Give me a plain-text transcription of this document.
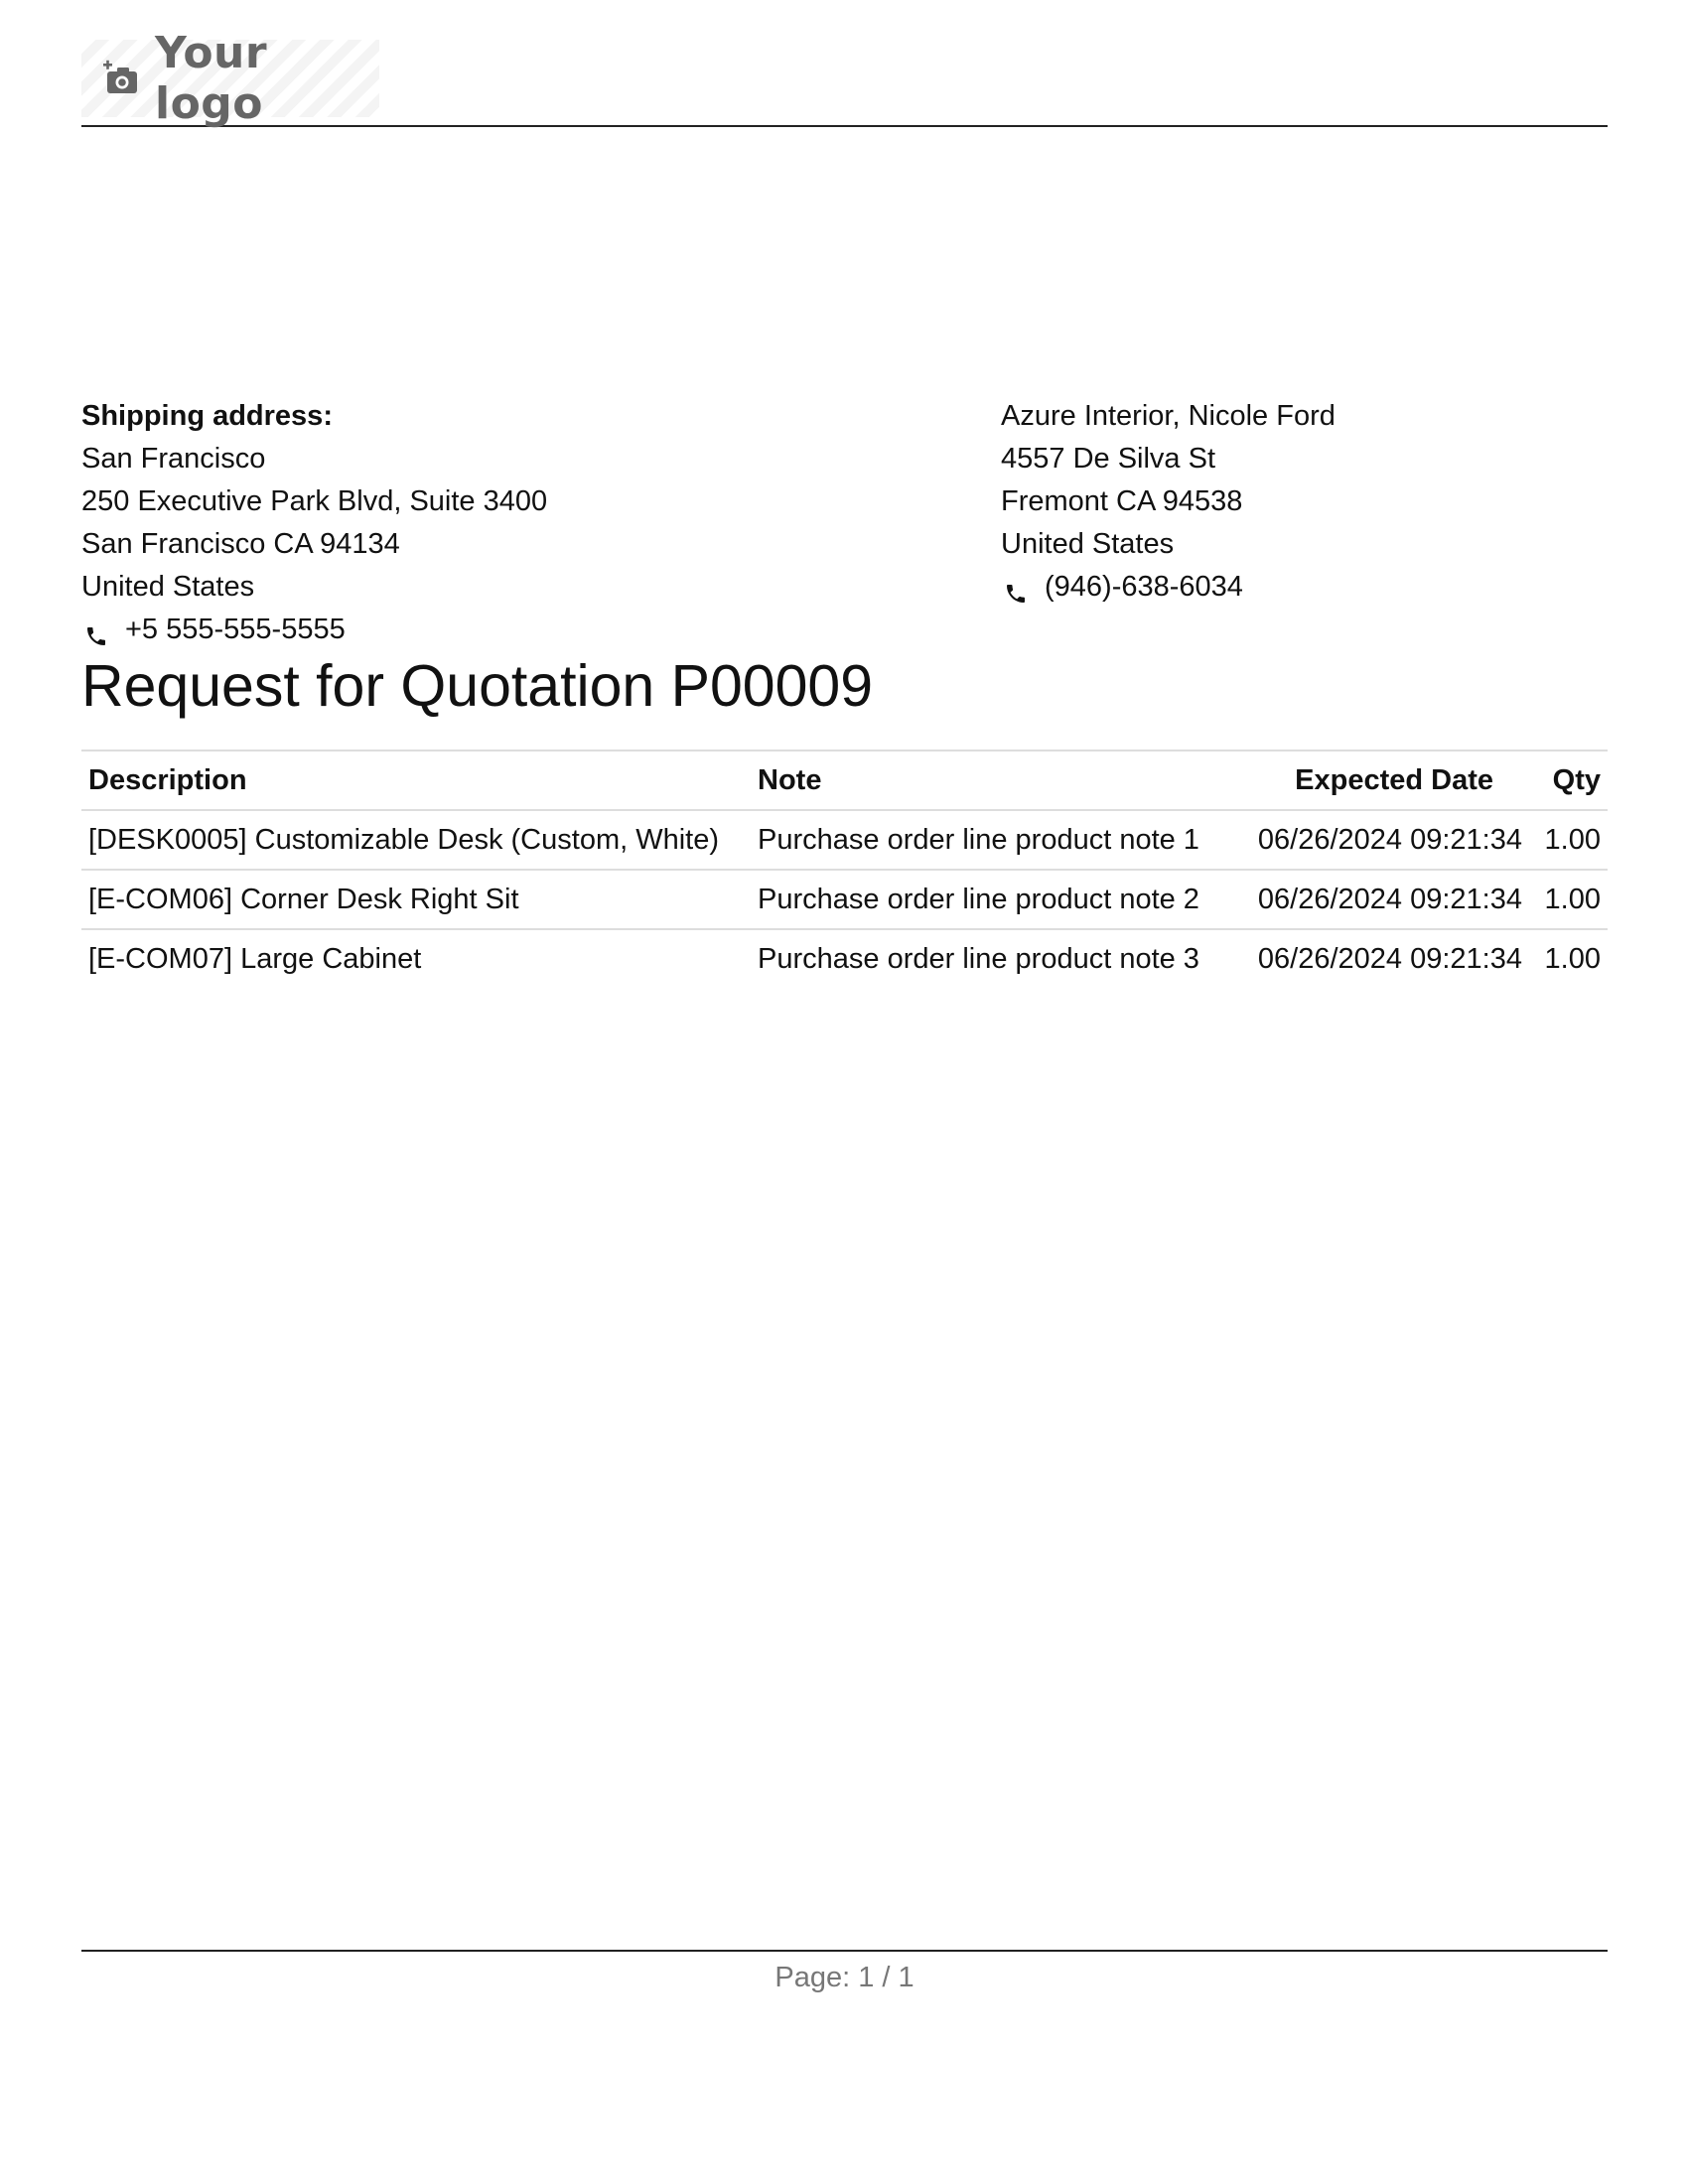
Your logo
Shipping address:
San Francisco
250 Executive Park Blvd, Suite 3400
San Francisco CA 94134
United States
+5 555-555-5555
Azure Interior, Nicole Ford
4557 De Silva St
Fremont CA 94538
United States
(946)-638-6034
Request for Quotation P00009
Description	Note	Expected Date	Qty
[DESK0005] Customizable Desk (Custom, White)	Purchase order line product note 1	06/26/2024 09:21:34	1.00
[E-COM06] Corner Desk Right Sit	Purchase order line product note 2	06/26/2024 09:21:34	1.00
[E-COM07] Large Cabinet	Purchase order line product note 3	06/26/2024 09:21:34	1.00
Page: 1 / 1
